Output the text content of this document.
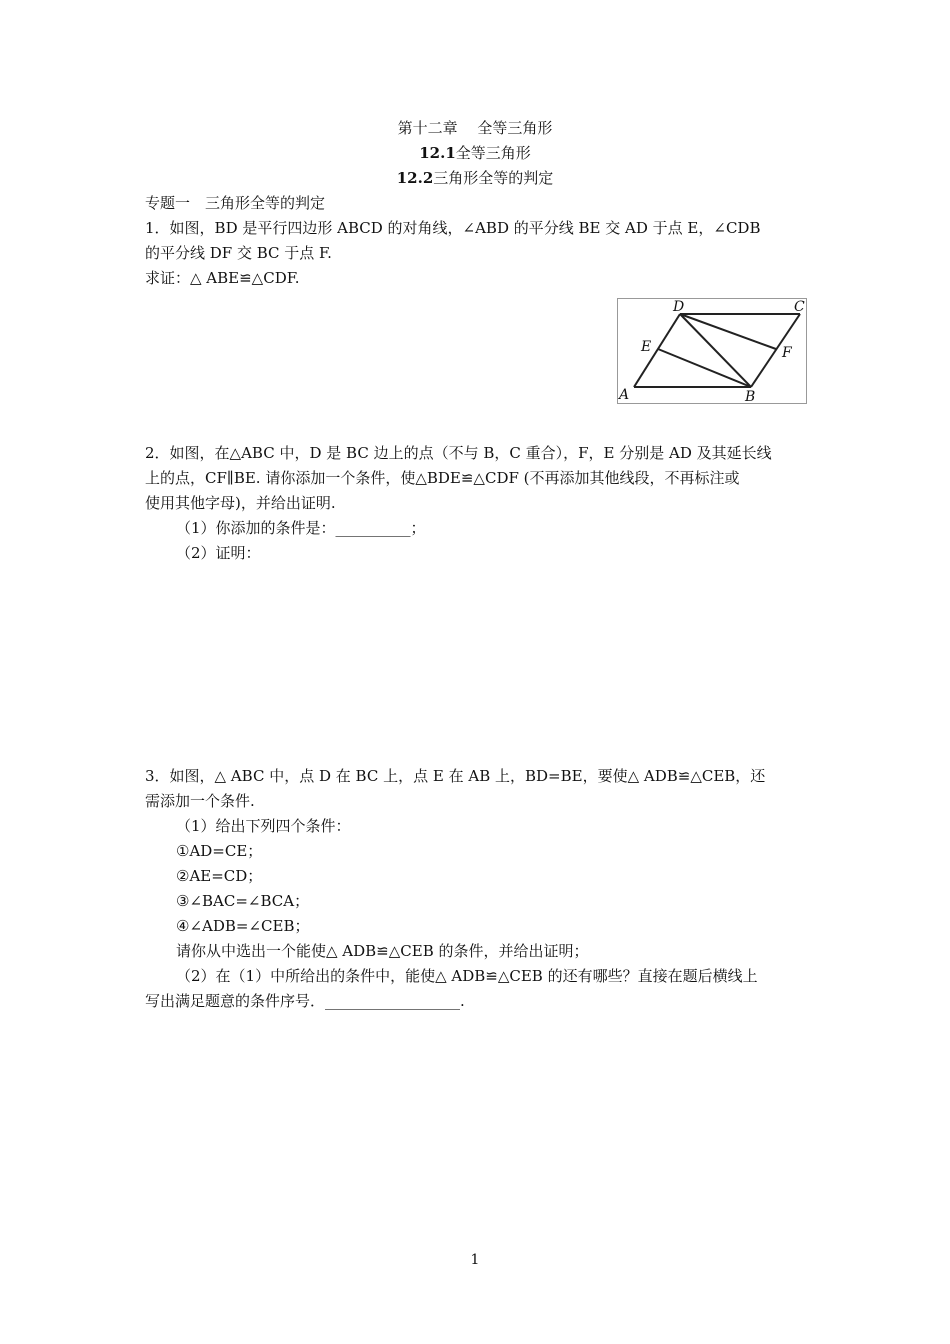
第十二章　 全等三角形
12.1全等三角形
12.2三角形全等的判定
专题一　三角形全等的判定
1．如图，BD 是平行四边形 ABCD 的对角线，∠ABD 的平分线 BE 交 AD 于点 E，∠CDB
的平分线 DF 交 BC 于点 F.
求证：△ ABE≌△CDF.
A	B
C
D
E	F
2．如图，在△ABC 中，D 是 BC 边上的点（不与 B，C 重合），F，E 分别是 AD 及其延长线
上的点，CF∥BE. 请你添加一个条件，使△BDE≌△CDF (不再添加其他线段，不再标注或
使用其他字母)，并给出证明.
（1）你添加的条件是：__________；
（2）证明：
3．如图，△ ABC 中，点 D 在 BC 上，点 E 在 AB 上，BD=BE，要使△ ADB≌△CEB，还
需添加一个条件.
（1）给出下列四个条件：
①AD=CE；
②AE=CD；
③∠BAC=∠BCA；
④∠ADB=∠CEB；
请你从中选出一个能使△ ADB≌△CEB 的条件，并给出证明；
（2）在（1）中所给出的条件中，能使△ ADB≌△CEB 的还有哪些？直接在题后横线上
写出满足题意的条件序号．__________________.
1
